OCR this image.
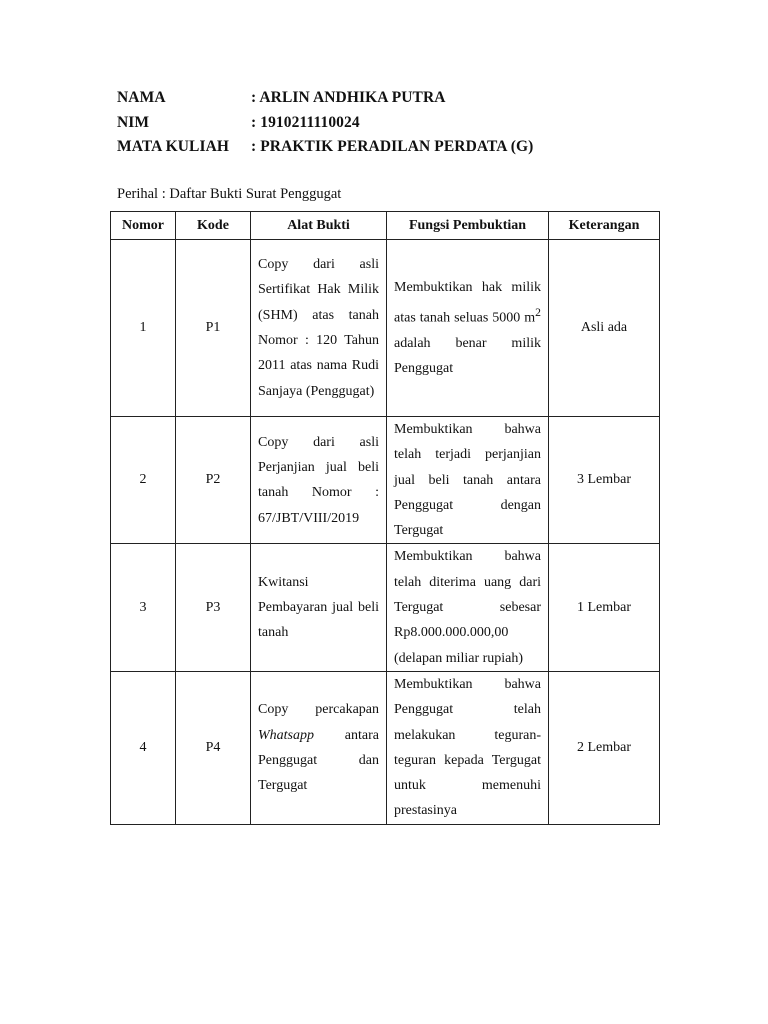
NAMA	: ARLIN ANDHIKA PUTRA
NIM	: 1910211110024
MATA KULIAH	: PRAKTIK PERADILAN PERDATA (G)
Perihal : Daftar Bukti Surat Penggugat
Nomor	Kode	Alat Bukti	Fungsi Pembuktian	Keterangan
1	P1	Copy dari asli Sertifikat Hak Milik (SHM) atas tanah Nomor : 120 Tahun 2011 atas nama Rudi Sanjaya (Penggugat)	Membuktikan hak milik atas tanah seluas 5000 $m^2$ adalah benar milik Penggugat	Asli ada
2	P2	Copy dari asli Perjanjian jual beli tanah Nomor : 67/JBT/VIII/2019	Membuktikan bahwa telah terjadi perjanjian jual beli tanah antara Penggugat dengan Tergugat	3 Lembar
3	P3	Kwitansi Pembayaran jual beli tanah	Membuktikan bahwa telah diterima uang dari Tergugat sebesar Rp8.000.000.000,00 (delapan miliar rupiah)	1 Lembar
4	P4	Copy percakapan Whatsapp antara Penggugat dan Tergugat	Membuktikan bahwa Penggugat telah melakukan teguran-teguran kepada Tergugat untuk memenuhi prestasinya	2 Lembar
